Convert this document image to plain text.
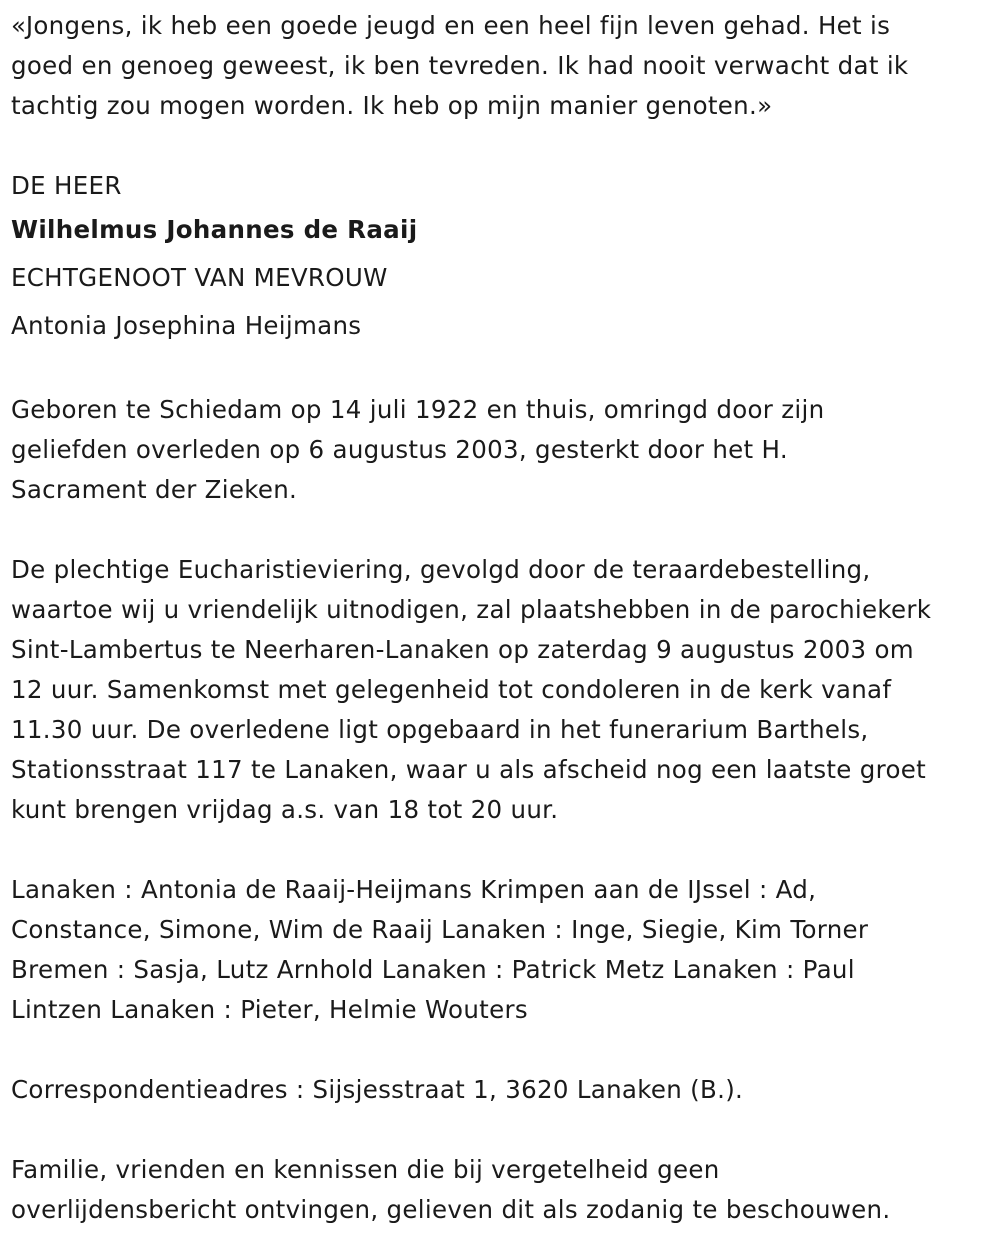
«Jongens, ik heb een goede jeugd en een heel fijn leven gehad. Het is
goed en genoeg geweest, ik ben tevreden. Ik had nooit verwacht dat ik
tachtig zou mogen worden. Ik heb op mijn manier genoten.»

DE HEER

Wilhelmus Johannes de Raaij

ECHTGENOOT VAN MEVROUW

Antonia Josephina Heijmans

Geboren te Schiedam op 14 juli 1922 en thuis, omringd door zijn
geliefden overleden op 6 augustus 2003, gesterkt door het H.
Sacrament der Zieken.

De plechtige Eucharistieviering, gevolgd door de teraardebestelling,
waartoe wij u vriendelijk uitnodigen, zal plaatshebben in de parochiekerk
Sint-Lambertus te Neerharen-Lanaken op zaterdag 9 augustus 2003 om
12 uur. Samenkomst met gelegenheid tot condoleren in de kerk vanaf
11.30 uur. De overledene ligt opgebaard in het funerarium Barthels,
Stationsstraat 117 te Lanaken, waar u als afscheid nog een laatste groet
kunt brengen vrijdag a.s. van 18 tot 20 uur.

Lanaken : Antonia de Raaij-Heijmans Krimpen aan de IJssel : Ad,
Constance, Simone, Wim de Raaij Lanaken : Inge, Siegie, Kim Torner
Bremen : Sasja, Lutz Arnhold Lanaken : Patrick Metz Lanaken : Paul
Lintzen Lanaken : Pieter, Helmie Wouters

Correspondentieadres : Sijsjesstraat 1, 3620 Lanaken (B.).

Familie, vrienden en kennissen die bij vergetelheid geen
overlijdensbericht ontvingen, gelieven dit als zodanig te beschouwen.
